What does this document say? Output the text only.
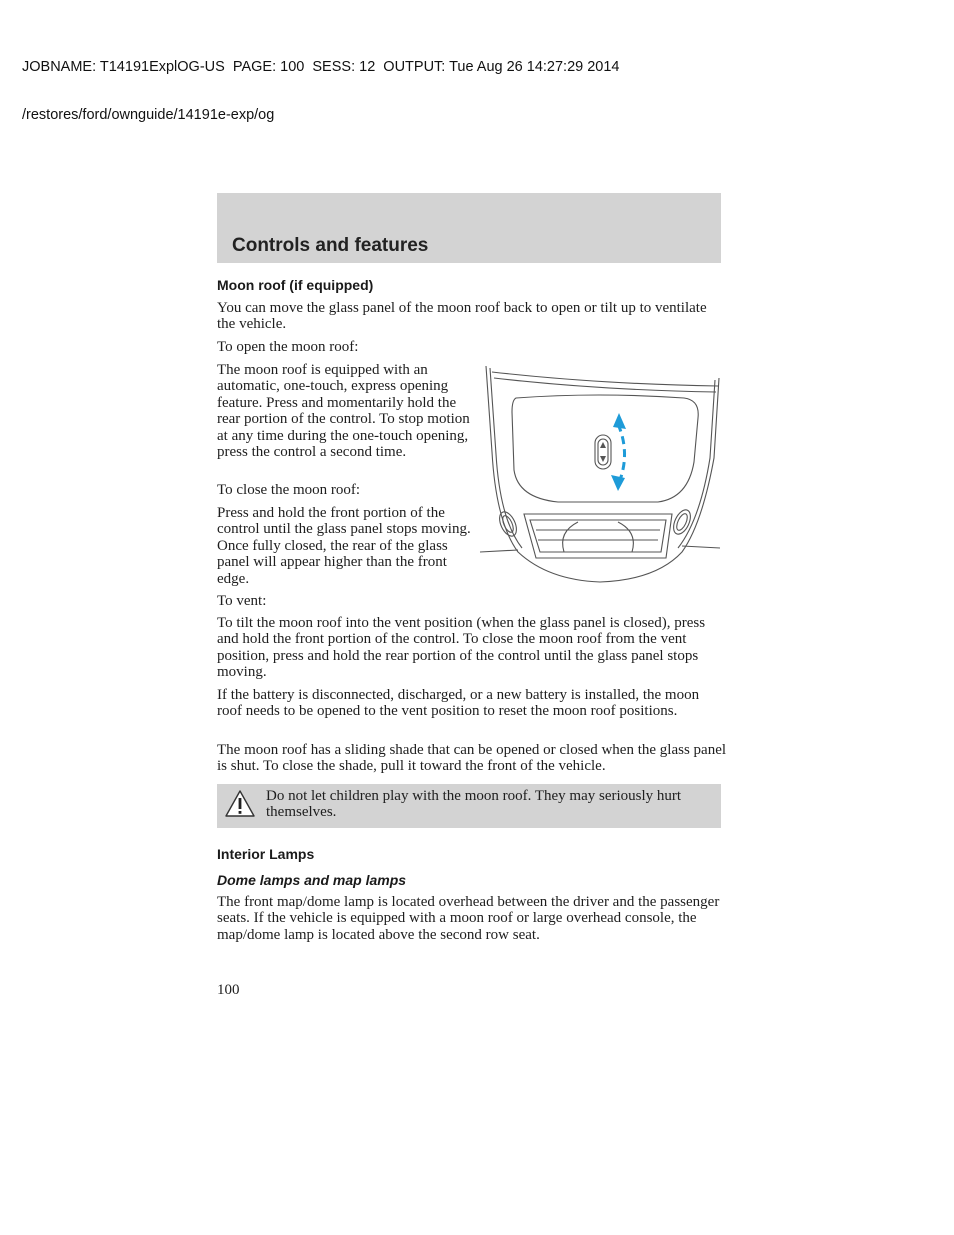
JOBNAME: T14191ExplOG-US  PAGE: 100  SESS: 12  OUTPUT: Tue Aug 26 14:27:29 2014

/restores/ford/ownguide/14191e-exp/og

Controls and features
Moon roof (if equipped)
You can move the glass panel of the moon roof back to open or tilt up to ventilate the vehicle.
To open the moon roof:
The moon roof is equipped with an automatic, one-touch, express opening feature. Press and momentarily hold the rear portion of the control. To stop motion at any time during the one-touch opening, press the control a second time.
To close the moon roof:
Press and hold the front portion of the control until the glass panel stops moving. Once fully closed, the rear of the glass panel will appear higher than the front edge.
To vent:
To tilt the moon roof into the vent position (when the glass panel is closed), press and hold the front portion of the control. To close the moon roof from the vent position, press and hold the rear portion of the control until the glass panel stops moving.
If the battery is disconnected, discharged, or a new battery is installed, the moon roof needs to be opened to the vent position to reset the moon roof positions.
The moon roof has a sliding shade that can be opened or closed when the glass panel is shut. To close the shade, pull it toward the front of the vehicle.
Do not let children play with the moon roof. They may seriously hurt themselves.
Interior Lamps
Dome lamps and map lamps
The front map/dome lamp is located overhead between the driver and the passenger seats. If the vehicle is equipped with a moon roof or large overhead console, the map/dome lamp is located above the second row seat.
100
